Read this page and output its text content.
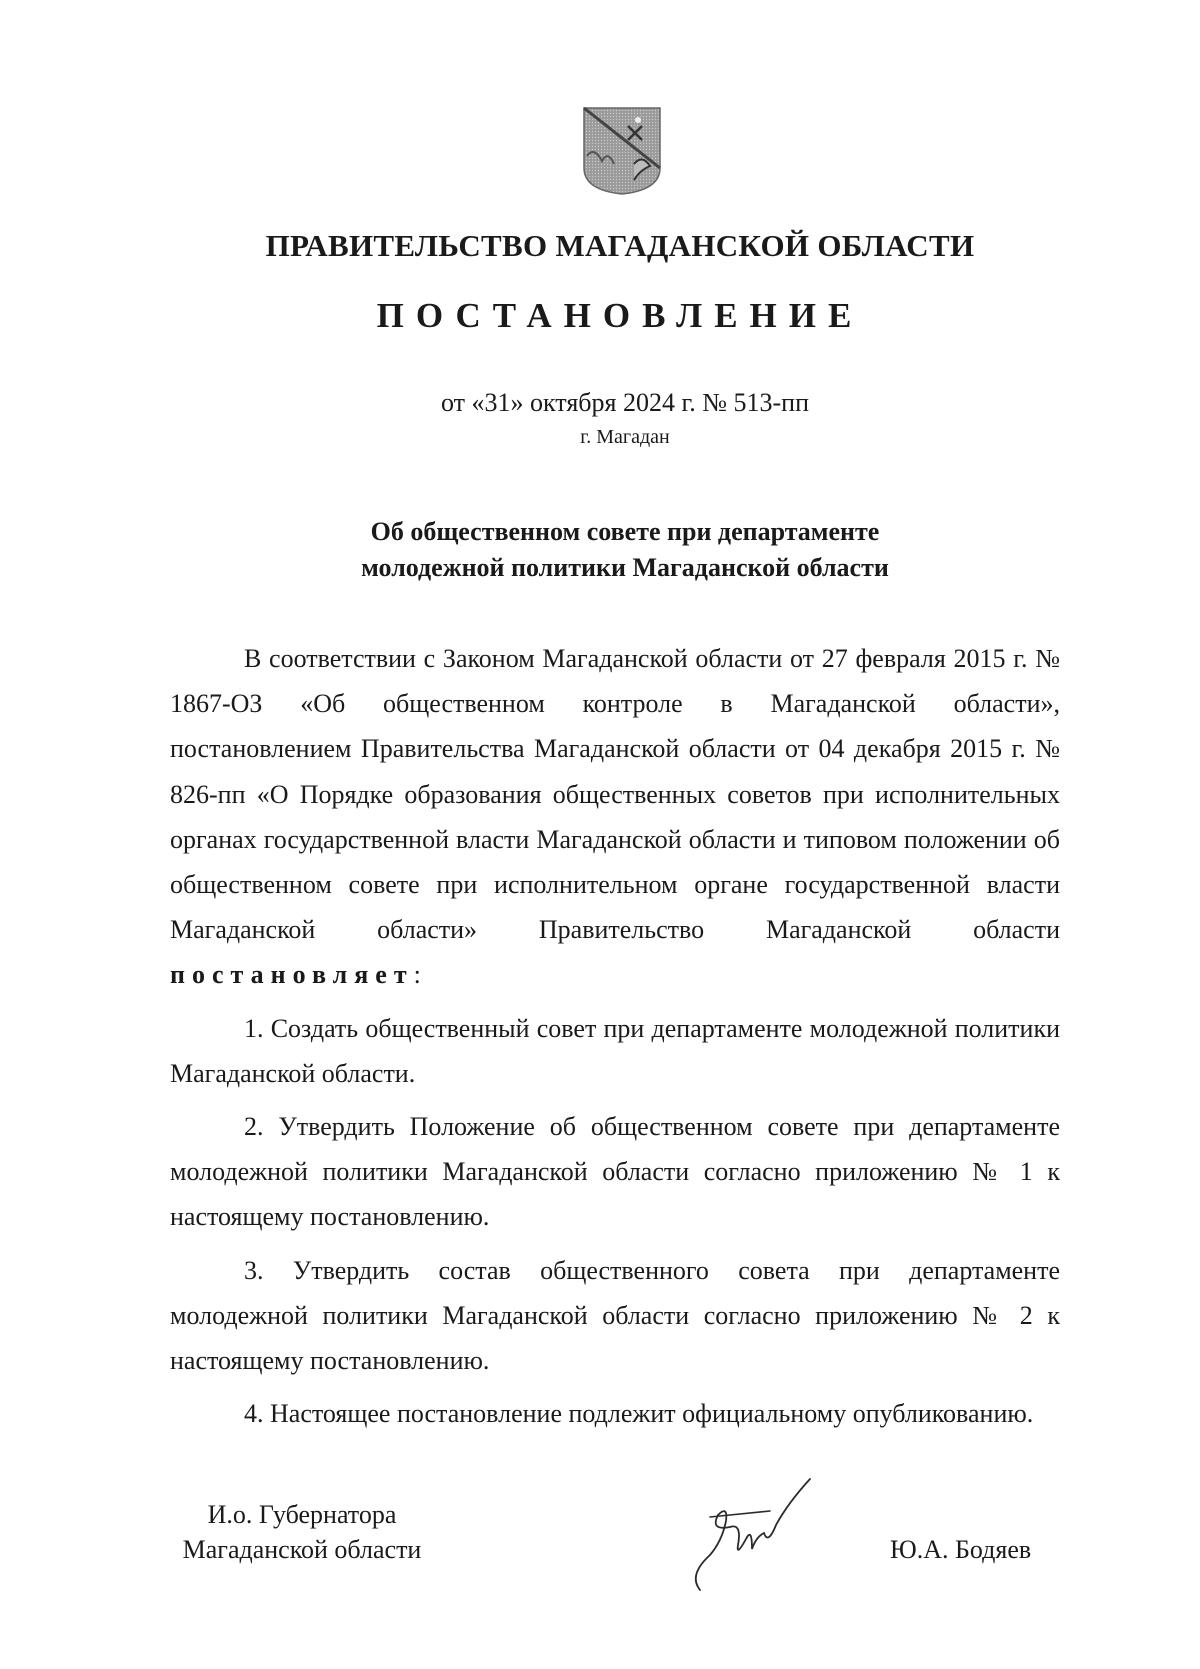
ПРАВИТЕЛЬСТВО МАГАДАНСКОЙ ОБЛАСТИ
ПОСТАНОВЛЕНИЕ
от «31» октября 2024 г. № 513-пп
г. Магадан
Об общественном совете при департаменте
молодежной политики Магаданской области

В соответствии с Законом Магаданской области от 27 февраля 2015 г. № 1867-ОЗ «Об общественном контроле в Магаданской области», постановлением Правительства Магаданской области от 04 декабря 2015 г. № 826-пп «О Порядке образования общественных советов при исполнительных органах государственной власти Магаданской области и типовом положении об общественном совете при исполнительном органе государственной власти Магаданской области» Правительство Магаданской области постановляет:

1. Создать общественный совет при департаменте молодежной политики Магаданской области.

2. Утвердить Положение об общественном совете при департаменте молодежной политики Магаданской области согласно приложению № 1 к настоящему постановлению.

3. Утвердить состав общественного совета при департаменте молодежной политики Магаданской области согласно приложению № 2 к настоящему постановлению.

4. Настоящее постановление подлежит официальному опубликованию.

И.о. Губернатора
Магаданской области	Ю.А. Бодяев
